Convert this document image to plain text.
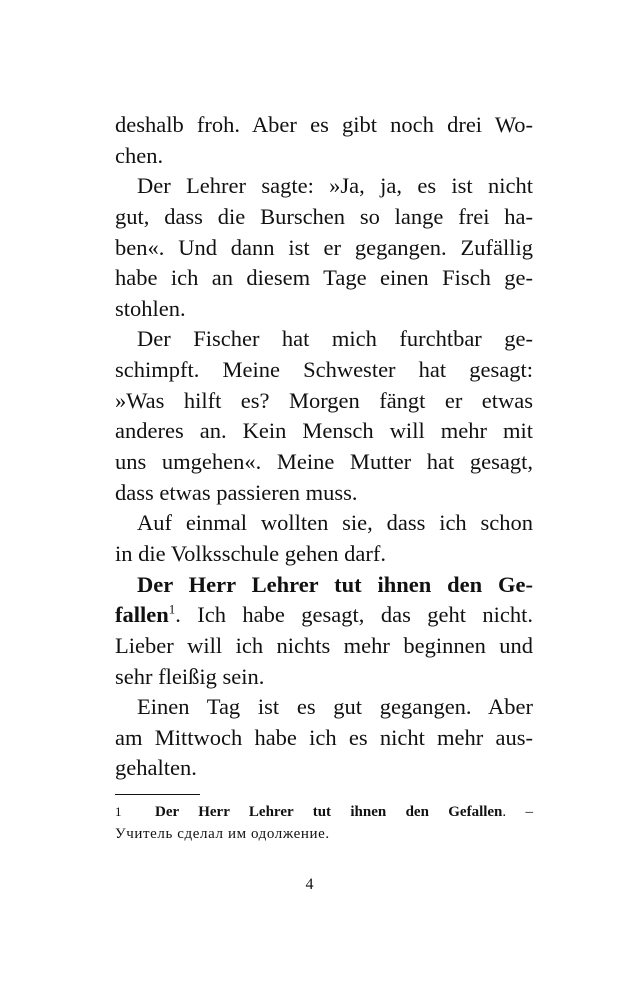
deshalb froh. Aber es gibt noch drei Wo-
chen.
Der Lehrer sagte: »Ja, ja, es ist nicht
gut, dass die Burschen so lange frei ha-
ben«. Und dann ist er gegangen. Zufällig
habe ich an diesem Tage einen Fisch ge-
stohlen.
Der Fischer hat mich furchtbar ge-
schimpft. Meine Schwester hat gesagt:
»Was hilft es? Morgen fängt er etwas
anderes an. Kein Mensch will mehr mit
uns umgehen«. Meine Mutter hat gesagt,
dass etwas passieren muss.
Auf einmal wollten sie, dass ich schon
in die Volksschule gehen darf.
Der Herr Lehrer tut ihnen den Ge-
fallen$^1$. Ich habe gesagt, das geht nicht.
Lieber will ich nichts mehr beginnen und
sehr fleißig sein.
Einen Tag ist es gut gegangen. Aber
am Mittwoch habe ich es nicht mehr aus-
gehalten.
1 Der Herr Lehrer tut ihnen den Gefallen. –
Учитель сделал им одолжение.
4
